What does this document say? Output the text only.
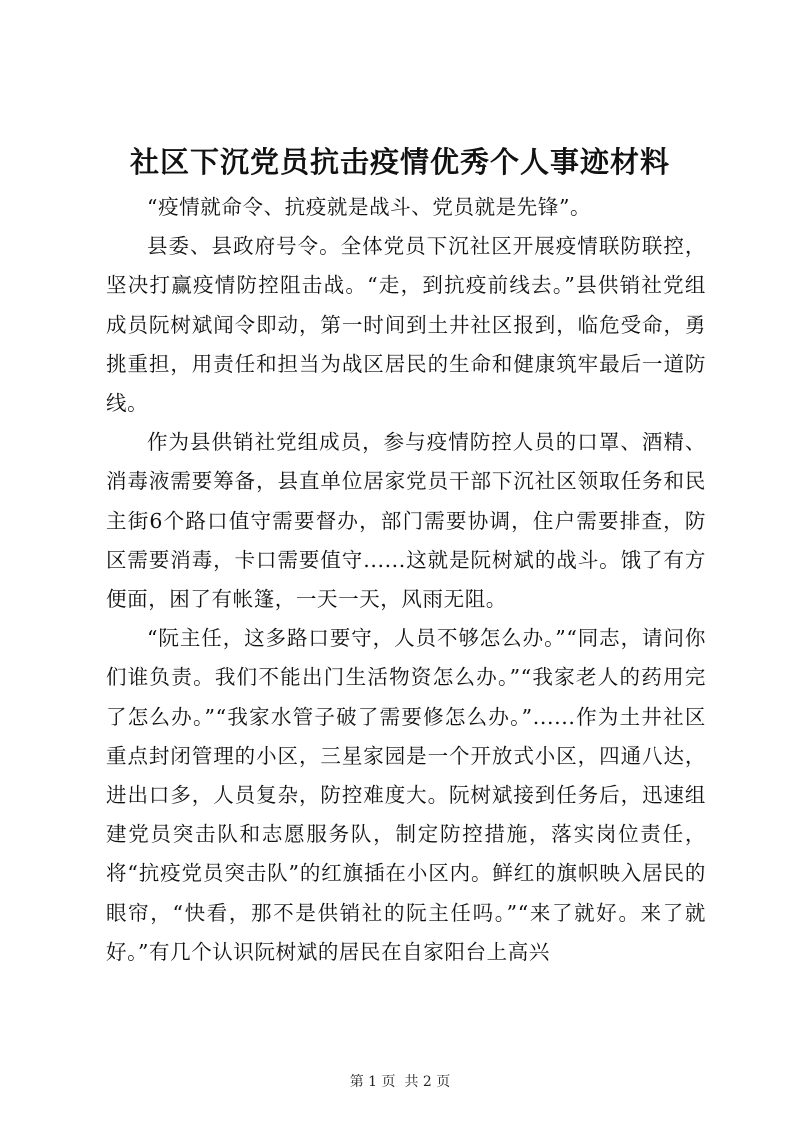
社区下沉党员抗击疫情优秀个人事迹材料

“疫情就命令、抗疫就是战斗、党员就是先锋”。

县委、县政府号令。全体党员下沉社区开展疫情联防联控，坚决打赢疫情防控阻击战。“走，到抗疫前线去。”县供销社党组成员阮树斌闻令即动，第一时间到土井社区报到，临危受命，勇挑重担，用责任和担当为战区居民的生命和健康筑牢最后一道防线。

作为县供销社党组成员，参与疫情防控人员的口罩、酒精、消毒液需要筹备，县直单位居家党员干部下沉社区领取任务和民主街6个路口值守需要督办，部门需要协调，住户需要排查，防区需要消毒，卡口需要值守......这就是阮树斌的战斗。饿了有方便面，困了有帐篷，一天一天，风雨无阻。

“阮主任，这多路口要守，人员不够怎么办。”“同志，请问你们谁负责。我们不能出门生活物资怎么办。”“我家老人的药用完了怎么办。”“我家水管子破了需要修怎么办。”......作为土井社区重点封闭管理的小区，三星家园是一个开放式小区，四通八达，进出口多，人员复杂，防控难度大。阮树斌接到任务后，迅速组建党员突击队和志愿服务队，制定防控措施，落实岗位责任，将“抗疫党员突击队”的红旗插在小区内。鲜红的旗帜映入居民的眼帘，“快看，那不是供销社的阮主任吗。”“来了就好。来了就好。”有几个认识阮树斌的居民在自家阳台上高兴

第 1 页  共 2 页
